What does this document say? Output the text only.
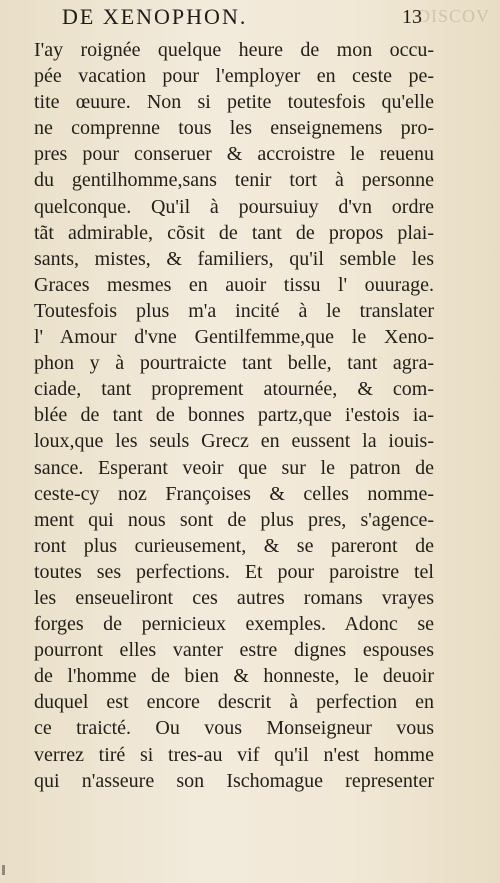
DE XENOPHON.	13
DISCOV
I'ay roignée quelque heure de mon occu-
pée vacation pour l'employer en ceste pe-
tite œuure. Non si petite toutesfois qu'elle
ne comprenne tous les enseignemens pro-
pres pour conseruer & accroistre le reuenu
du gentilhomme,sans tenir tort à personne
quelconque. Qu'il à poursuiuy d'vn ordre
tãt admirable, cõsit de tant de propos plai-
sants, mistes, & familiers, qu'il semble les
Graces mesmes en auoir tissu l' ouurage.
Toutesfois plus m'a incité à le translater
l' Amour d'vne Gentilfemme,que le Xeno-
phon y à pourtraicte tant belle, tant agra-
ciade, tant proprement atournée, & com-
blée de tant de bonnes partz,que i'estois ia-
loux,que les seuls Grecz en eussent la iouis-
sance. Esperant veoir que sur le patron de
ceste-cy noz Françoises & celles nomme-
ment qui nous sont de plus pres, s'agence-
ront plus curieusement, & se pareront de
toutes ses perfections. Et pour paroistre tel
les enseueliront ces autres romans vrayes
forges de pernicieux exemples. Adonc se
pourront elles vanter estre dignes espouses
de l'homme de bien & honneste, le deuoir
duquel est encore descrit à perfection en
ce traicté. Ou vous Monseigneur vous
verrez tiré si tres-au vif qu'il n'est homme
qui n'asseure son Ischomague representer
